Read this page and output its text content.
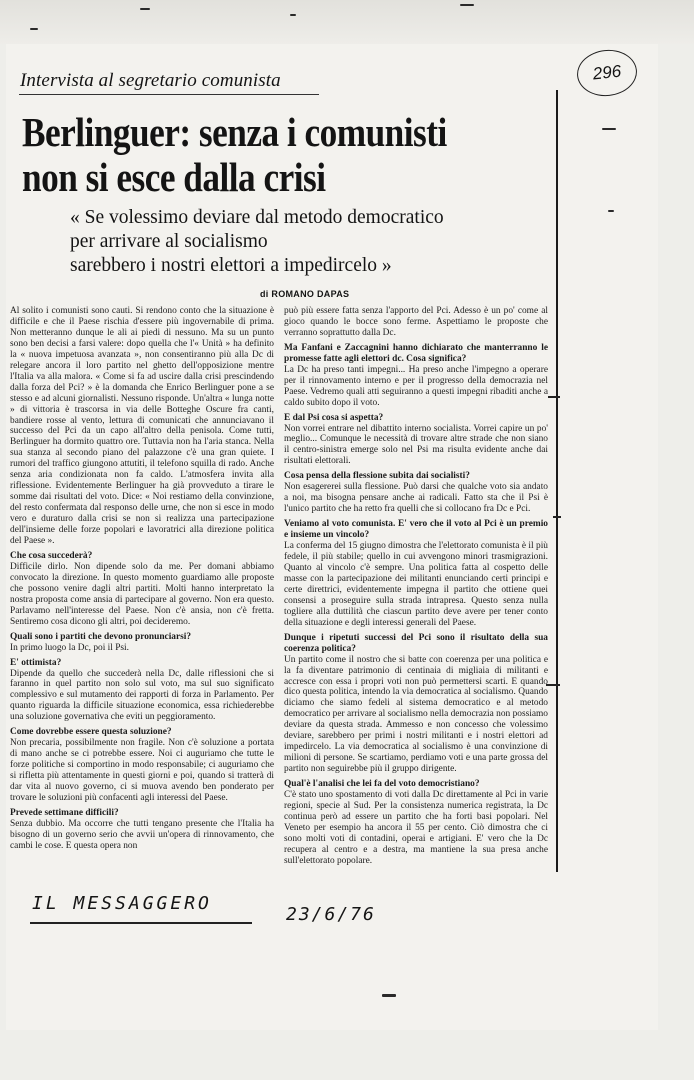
296
Intervista al segretario comunista
Berlinguer: senza i comunisti
non si esce dalla crisi
« Se volessimo deviare dal metodo democratico
per arrivare al socialismo
sarebbero i nostri elettori a impedircelo »
di ROMANO DAPAS

Al solito i comunisti sono cauti. Si rendono conto che la situazione è difficile e che il Paese rischia d'essere più ingovernabile di prima. Non metteranno dunque le ali ai piedi di nessuno. Ma su un punto sono ben decisi a farsi valere: dopo quella che l'« Unità » ha definito la « nuova impetuosa avanzata », non consentiranno più alla Dc di relegare ancora il loro partito nel ghetto dell'opposizione mentre l'Italia va alla malora. « Come si fa ad uscire dalla crisi prescindendo dalla forza del Pci? » è la domanda che Enrico Berlinguer pone a se stesso e ad alcuni giornalisti. Nessuno risponde. Un'altra « lunga notte » di vittoria è trascorsa in via delle Botteghe Oscure fra canti, bandiere rosse al vento, lettura di comunicati che annunciavano il successo del Pci da un capo all'altro della penisola. Come tutti, Berlinguer ha dormito quattro ore. Tuttavia non ha l'aria stanca. Nella sua stanza al secondo piano del palazzone c'è una gran quiete. I rumori del traffico giungono attutiti, il telefono squilla di rado. Anche senza aria condizionata non fa caldo. L'atmosfera invita alla riflessione. Evidentemente Berlinguer ha già provveduto a tirare le somme dai risultati del voto. Dice: « Noi restiamo della convinzione, del resto confermata dal responso delle urne, che non si esce in modo vero e duraturo dalla crisi se non si realizza una partecipazione dell'insieme delle forze popolari e lavoratrici alla direzione politica del Paese ».

Che cosa succederà?

Difficile dirlo. Non dipende solo da me. Per domani abbiamo convocato la direzione. In questo momento guardiamo alle proposte che possono venire dagli altri partiti. Molti hanno interpretato la nostra proposta come ansia di partecipare al governo. Non era questo. Parlavamo nell'interesse del Paese. Non c'è ansia, non c'è fretta. Sentiremo cosa dicono gli altri, poi decideremo.

Quali sono i partiti che devono pronunciarsi?

In primo luogo la Dc, poi il Psi.

E' ottimista?

Dipende da quello che succederà nella Dc, dalle riflessioni che si faranno in quel partito non solo sul voto, ma sul suo significato complessivo e sul mutamento dei rapporti di forza in Parlamento. Per quanto riguarda la difficile situazione economica, essa richiederebbe una soluzione governativa che eviti un peggioramento.

Come dovrebbe essere questa soluzione?

Non precaria, possibilmente non fragile. Non c'è soluzione a portata di mano anche se ci potrebbe essere. Noi ci auguriamo che tutte le forze politiche si comportino in modo responsabile; ci auguriamo che si rifletta più attentamente in questi giorni e poi, quando si tratterà di dar vita al nuovo governo, ci si muova avendo ben ponderato per trovare le soluzioni più confacenti agli interessi del Paese.

Prevede settimane difficili?

Senza dubbio. Ma occorre che tutti tengano presente che l'Italia ha bisogno di un governo serio che avvii un'opera di rinnovamento, che cambi le cose. E questa opera non

può più essere fatta senza l'apporto del Pci. Adesso è un po' come al gioco quando le bocce sono ferme. Aspettiamo le proposte che verranno soprattutto dalla Dc.

Ma Fanfani e Zaccagnini hanno dichiarato che manterranno le promesse fatte agli elettori dc. Cosa significa?

La Dc ha preso tanti impegni... Ha preso anche l'impegno a operare per il rinnovamento interno e per il progresso della democrazia nel Paese. Vedremo quali atti seguiranno a questi impegni ribaditi anche a caldo subito dopo il voto.

E dal Psi cosa si aspetta?

Non vorrei entrare nel dibattito interno socialista. Vorrei capire un po' meglio... Comunque le necessità di trovare altre strade che non siano il centro-sinistra emerge solo nel Psi ma risulta evidente anche dai risultati elettorali.

Cosa pensa della flessione subita dai socialisti?

Non esagererei sulla flessione. Può darsi che qualche voto sia andato a noi, ma bisogna pensare anche ai radicali. Fatto sta che il Psi è l'unico partito che ha retto fra quelli che si collocano fra Dc e Pci.

Veniamo al voto comunista. E' vero che il voto al Pci è un premio e insieme un vincolo?

La conferma del 15 giugno dimostra che l'elettorato comunista è il più fedele, il più stabile; quello in cui avvengono minori trasmigrazioni. Quanto al vincolo c'è sempre. Una politica fatta al cospetto delle masse con la partecipazione dei militanti enunciando certi principi e certe direttrici, evidentemente impegna il partito che ottiene quei consensi a proseguire sulla strada intrapresa. Questo senza nulla togliere alla duttilità che ciascun partito deve avere per tener conto della situazione e degli interessi generali del Paese.

Dunque i ripetuti successi del Pci sono il risultato della sua coerenza politica?

Un partito come il nostro che si batte con coerenza per una politica e la fa diventare patrimonio di centinaia di migliaia di militanti e accresce con essa i propri voti non può permettersi scarti. E quando dico questa politica, intendo la via democratica al socialismo. Quando diciamo che siamo fedeli al sistema democratico e al metodo democratico per arrivare al socialismo nella democrazia non possiamo deviare da questa strada. Ammesso e non concesso che volessimo deviare, sarebbero per primi i nostri militanti e i nostri elettori ad impedircelo. La via democratica al socialismo è una convinzione di milioni di persone. Se scartiamo, perdiamo voti e una parte grossa del partito non seguirebbe più il gruppo dirigente.

Qual'è l'analisi che lei fa del voto democristiano?

C'è stato uno spostamento di voti dalla Dc direttamente al Pci in varie regioni, specie al Sud. Per la consistenza numerica registrata, la Dc continua però ad essere un partito che ha forti basi popolari. Nel Veneto per esempio ha ancora il 55 per cento. Ciò dimostra che ci sono molti voti di contadini, operai e artigiani. E' vero che la Dc recupera al centro e a destra, ma mantiene la sua presa anche sull'elettorato popolare.

IL MESSAGGERO
23/6/76
